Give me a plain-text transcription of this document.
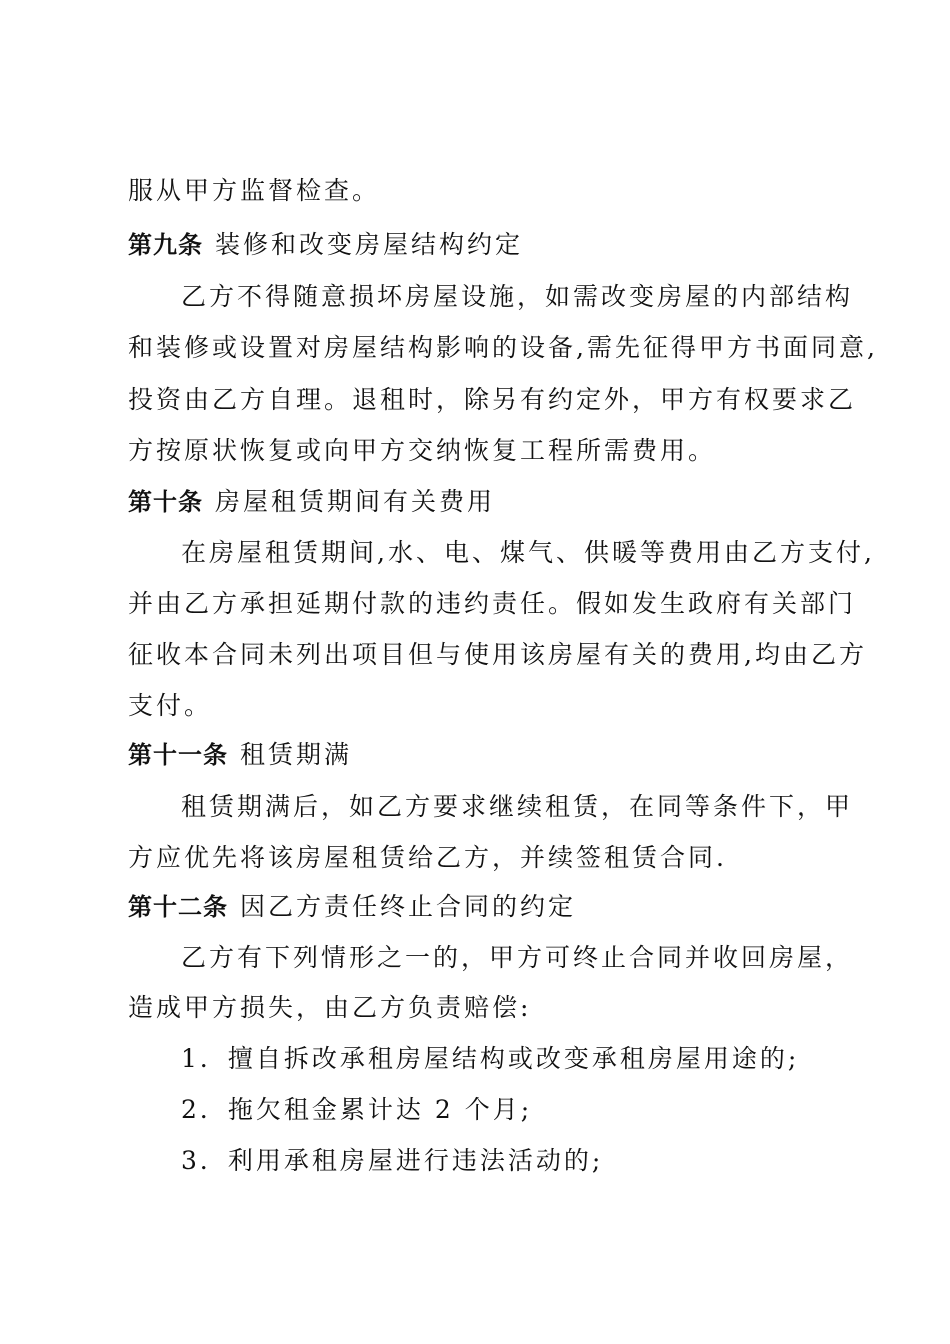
服从甲方监督检查。
第九条 装修和改变房屋结构约定
乙方不得随意损坏房屋设施，如需改变房屋的内部结构
和装修或设置对房屋结构影响的设备,需先征得甲方书面同意,
投资由乙方自理。退租时，除另有约定外，甲方有权要求乙
方按原状恢复或向甲方交纳恢复工程所需费用。
第十条 房屋租赁期间有关费用
在房屋租赁期间,水、电、煤气、供暖等费用由乙方支付,
并由乙方承担延期付款的违约责任。假如发生政府有关部门
征收本合同未列出项目但与使用该房屋有关的费用,均由乙方
支付。
第十一条 租赁期满
租赁期满后，如乙方要求继续租赁，在同等条件下，甲
方应优先将该房屋租赁给乙方，并续签租赁合同.
第十二条 因乙方责任终止合同的约定
乙方有下列情形之一的，甲方可终止合同并收回房屋，
造成甲方损失，由乙方负责赔偿:
1．擅自拆改承租房屋结构或改变承租房屋用途的;
2．拖欠租金累计达 2 个月;
3．利用承租房屋进行违法活动的;
